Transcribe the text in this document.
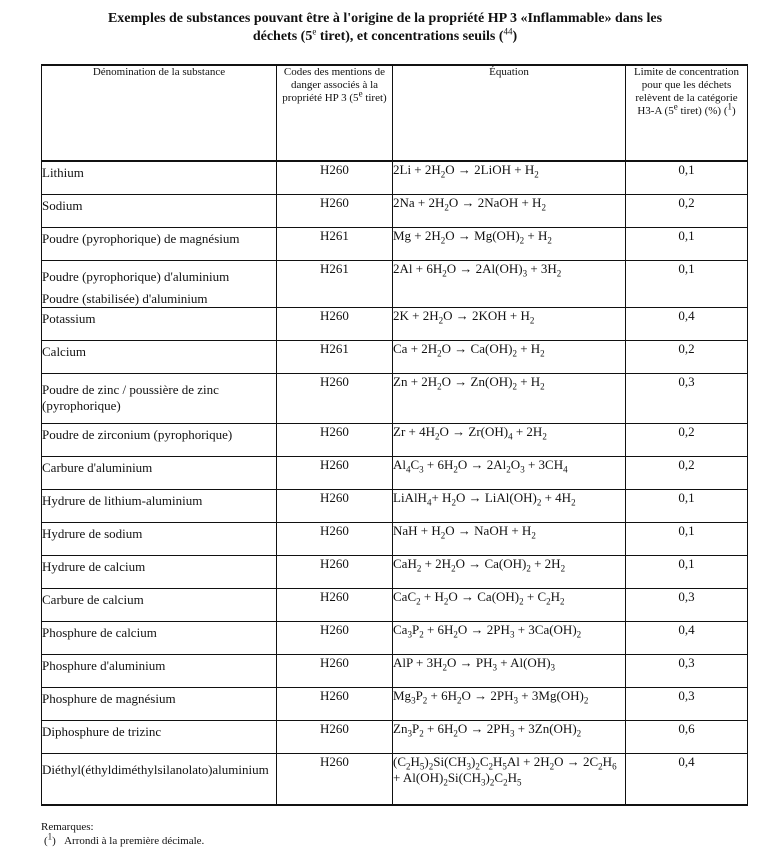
Exemples de substances pouvant être à l'origine de la propriété HP 3 «Inflammable» dans les
déchets (5e tiret), et concentrations seuils ($^{44}$)
Dénomination de la substance	Codes des mentions de danger associés à la propriété HP 3 (5e tiret)	Équation	Limite de concentration pour que les déchets relèvent de la catégorie H3-A (5e tiret) (%) ($^1$)

Lithium	H260	$2Li + 2H_2O$ → 2LiOH + $H_2$	0,1

Sodium	H260	$2Na + 2H_2O$ → 2NaOH + $H_2$	0,2

Poudre (pyrophorique) de magnésium	H261	$Mg + 2H_2O \to Mg(OH)_2 + H_2$	0,1

Poudre (pyrophorique) d'aluminium
Poudre (stabilisée) d'aluminium	H261	$2Al + 6H_2O \to 2Al(OH)_3 + 3H_2$	0,1

Potassium	H260	$2K + 2H_2O \to 2KOH + H_2$	0,4

Calcium	H261	$Ca + 2H_2O \to Ca(OH)_2 + H_2$	0,2

Poudre de zinc / poussière de zinc (pyrophorique)	H260	$Zn + 2H_2O \to Zn(OH)_2 + H_2$	0,3

Poudre de zirconium (pyrophorique)	H260	$Zr + 4H_2O \to Zr(OH)_4 + 2H_2$	0,2

Carbure d'aluminium	H260	$Al_4C_3 + 6H_2O \to 2Al_2O_3 + 3CH_4$	0,2

Hydrure de lithium-aluminium	H260	LiAlH$_4$+ $H_2O$ → $LiAl(OH)_2 + 4H_2$	0,1

Hydrure de sodium	H260	NaH + $H_2O$ → NaOH + $H_2$	0,1

Hydrure de calcium	H260	$CaH_2 + 2H_2O \to Ca(OH)_2 + 2H_2$	0,1

Carbure de calcium	H260	$CaC_2 + H_2O \to Ca(OH)_2 + C_2H_2$	0,3

Phosphure de calcium	H260	$Ca_3P_2 + 6H_2O \to 2PH_3 + 3Ca(OH)_2$	0,4

Phosphure d'aluminium	H260	AlP + $3H_2O \to PH_3 + Al(OH)_3$	0,3

Phosphure de magnésium	H260	$Mg_3P_2 + 6H_2O \to 2PH_3 + 3Mg(OH)_2$	0,3

Diphosphure de trizinc	H260	$Zn_3P_2 + 6H_2O \to 2PH_3 + 3Zn(OH)_2$	0,6

Diéthyl(éthyldiméthylsilanolato)aluminium	H260	$(C_2H_5)_2Si(CH_3)_2C_2H_5Al + 2H_2O \to 2C_2H_6 + Al(OH)_2Si(CH_3)_2C_2H_5$	0,4
Remarques:
($^1$)   Arrondi à la première décimale.
